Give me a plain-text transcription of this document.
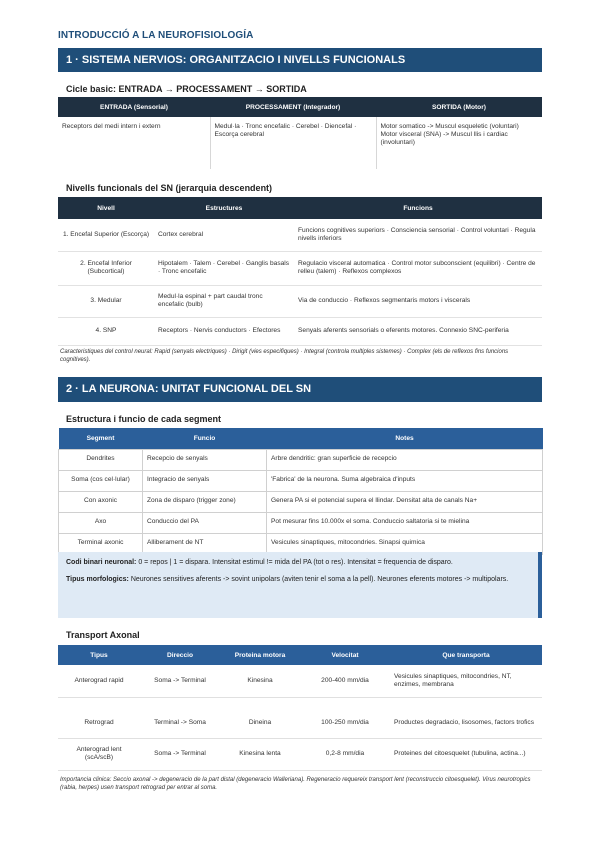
INTRODUCCIÓ A LA NEUROFISIOLOGÍA
1 · SISTEMA NERVIOS: ORGANITZACIO I NIVELLS FUNCIONALS
Cicle basic: ENTRADA → PROCESSAMENT → SORTIDA
ENTRADA (Sensorial)	PROCESSAMENT (Integrador)	SORTIDA (Motor)
Receptors del medi intern i extern	Medul·la · Tronc encefalic · Cerebel · Diencefal · Escorça cerebral	Motor somatico -> Muscul esqueletic (voluntari)
Motor visceral (SNA) -> Muscul llis i cardiac (involuntari)
Nivells funcionals del SN (jerarquia descendent)
Nivell	Estructures	Funcions
1. Encefal Superior (Escorça)	Cortex cerebral	Funcions cognitives superiors · Consciencia sensorial · Control voluntari · Regula nivells inferiors
2. Encefal Inferior (Subcortical)	Hipotalem · Talem · Cerebel · Ganglis basals · Tronc encefalic	Regulacio visceral automatica · Control motor subconscient (equilibri) · Centre de relleu (talem) · Reflexos complexos
3. Medular	Medul·la espinal + part caudal tronc encefalic (bulb)	Via de conduccio · Reflexos segmentaris motors i viscerals
4. SNP	Receptors · Nervis conductors · Efectores	Senyals aferents sensorials o eferents motores. Connexio SNC-periferia
Caracteristiques del control neural: Rapid (senyals electriques) · Dirigit (vies especifiques) · Integral (controla multiples sistemes) · Complex (els de reflexos fins funcions cognitives).
2 · LA NEURONA: UNITAT FUNCIONAL DEL SN
Estructura i funcio de cada segment
Segment	Funcio	Notes
Dendrites	Recepcio de senyals	Arbre dendritic: gran superficie de recepcio
Soma (cos cel·lular)	Integracio de senyals	'Fabrica' de la neurona. Suma algebraica d'inputs
Con axonic	Zona de disparo (trigger zone)	Genera PA si el potencial supera el llindar. Densitat alta de canals Na+
Axo	Conduccio del PA	Pot mesurar fins 10.000x el soma. Conduccio saltatoria si te mielina
Terminal axonic	Alliberament de NT	Vesicules sinaptiques, mitocondries. Sinapsi quimica

Codi binari neuronal: 0 = repos | 1 = dispara. Intensitat estimul != mida del PA (tot o res). Intensitat = frequencia de disparo.

Tipus morfologics: Neurones sensitives aferents -> sovint unipolars (aviten tenir el soma a la pell). Neurones eferents motores -> multipolars.

Transport Axonal
Tipus	Direccio	Proteina motora	Velocitat	Que transporta
Anterograd rapid	Soma -> Terminal	Kinesina	200-400 mm/dia	Vesicules sinaptiques, mitocondries, NT, enzimes, membrana
Retrograd	Terminal -> Soma	Dineina	100-250 mm/dia	Productes degradacio, lisosomes, factors trofics
Anterograd lent (scA/scB)	Soma -> Terminal	Kinesina lenta	0,2-8 mm/dia	Proteines del citoesquelet (tubulina, actina...)
Importancia clinica: Seccio axonal -> degeneracio de la part distal (degeneracio Walleriana). Regeneracio requereix transport lent (reconstruccio citoesquelet). Virus neurotropics (rabia, herpes) usen transport retrograd per entrar al soma.
